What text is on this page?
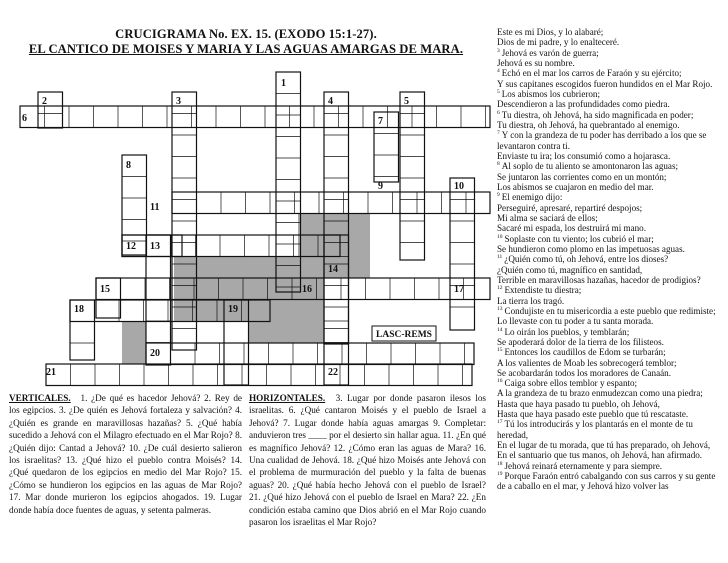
CRUCIGRAMA No. EX. 15. (EXODO 15:1-27).
EL CANTICO DE MOISES Y MARIA Y LAS AGUAS AMARGAS DE MARA.
1
2	3	4	5
6	7
8
9	10
11
12 13
14
15	16	17
18	19
20
21	22
LASC-REMS
VERTICALES. 1. ¿De qué es hacedor Jehová? 2. Rey de los egipcios. 3. ¿De quién es Jehová fortaleza y salvación? 4. ¿Quién es grande en maravillosas hazañas? 5. ¿Qué había sucedido a Jehová con el Milagro efectuado en el Mar Rojo? 8. ¿Quién dijo: Cantad a Jehová? 10. ¿De cuál desierto salieron los israelitas? 13. ¿Qué hizo el pueblo contra Moisés? 14. ¿Qué quedaron de los egipcios en medio del Mar Rojo? 15. ¿Cómo se hundieron los egipcios en las aguas de Mar Rojo? 17. Mar donde murieron los egipcios ahogados. 19. Lugar donde había doce fuentes de aguas, y setenta palmeras.
HORIZONTALES. 3. Lugar por donde pasaron ilesos los israelitas. 6. ¿Qué cantaron Moisés y el pueblo de Israel a Jehová? 7. Lugar donde había aguas amargas 9. Completar: anduvieron tres ____ por el desierto sin hallar agua. 11. ¿En qué es magnífico Jehová? 12. ¿Cómo eran las aguas de Mara? 16. Una cualidad de Jehová. 18. ¿Qué hizo Moisés ante Jehová con el problema de murmuración del pueblo y la falta de buenas aguas? 20. ¿Qué había hecho Jehová con el pueblo de Israel? 21. ¿Qué hizo Jehová con el pueblo de Israel en Mara? 22. ¿En condición estaba camino que Dios abrió en el Mar Rojo cuando pasaron los israelitas el Mar Rojo?
Este es mi Dios, y lo alabaré;
Dios de mi padre, y lo enalteceré.
$^3$ Jehová es varón de guerra;
Jehová es su nombre.
$^4$ Echó en el mar los carros de Faraón y su ejército;
Y sus capitanes escogidos fueron hundidos en el Mar Rojo.
$^5$ Los abismos los cubrieron;
Descendieron a las profundidades como piedra.
$^6$ Tu diestra, oh Jehová, ha sido magnificada en poder;
Tu diestra, oh Jehová, ha quebrantado al enemigo.
$^7$ Y con la grandeza de tu poder has derribado a los que se levantaron contra ti.
Enviaste tu ira; los consumió como a hojarasca.
$^8$ Al soplo de tu aliento se amontonaron las aguas;
Se juntaron las corrientes como en un montón;
Los abismos se cuajaron en medio del mar.
$^9$ El enemigo dijo:
Perseguiré, apresaré, repartiré despojos;
Mi alma se saciará de ellos;
Sacaré mi espada, los destruirá mi mano.
$^{10}$ Soplaste con tu viento; los cubrió el mar;
Se hundieron como plomo en las impetuosas aguas.
$^{11}$ ¿Quién como tú, oh Jehová, entre los dioses?
¿Quién como tú, magnífico en santidad,
Terrible en maravillosas hazañas, hacedor de prodigios?
$^{12}$ Extendiste tu diestra;
La tierra los tragó.
$^{13}$ Condujiste en tu misericordia a este pueblo que redimiste;
Lo llevaste con tu poder a tu santa morada.
$^{14}$ Lo oirán los pueblos, y temblarán;
Se apoderará dolor de la tierra de los filisteos.
$^{15}$ Entonces los caudillos de Edom se turbarán;
A los valientes de Moab les sobrecogerá temblor;
Se acobardarán todos los moradores de Canaán.
$^{16}$ Caiga sobre ellos temblor y espanto;
A la grandeza de tu brazo enmudezcan como una piedra;
Hasta que haya pasado tu pueblo, oh Jehová,
Hasta que haya pasado este pueblo que tú rescataste.
$^{17}$ Tú los introducirás y los plantarás en el monte de tu heredad,
En el lugar de tu morada, que tú has preparado, oh Jehová,
En el santuario que tus manos, oh Jehová, han afirmado.
$^{18}$ Jehová reinará eternamente y para siempre.
$^{19}$ Porque Faraón entró cabalgando con sus carros y su gente de a caballo en el mar, y Jehová hizo volver las
